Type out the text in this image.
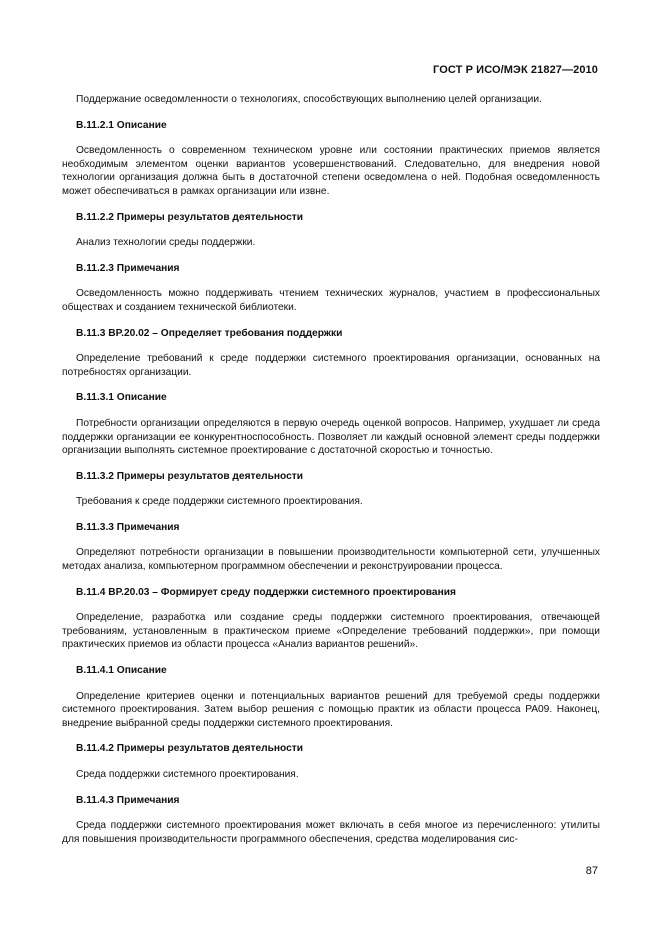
ГОСТ Р ИСО/МЭК 21827—2010

Поддержание осведомленности о технологиях, способствующих выполнению целей организации.

B.11.2.1 Описание

Осведомленность о современном техническом уровне или состоянии практических приемов является необходимым элементом оценки вариантов усовершенствований. Следовательно, для внедрения новой технологии организация должна быть в достаточной степени осведомлена о ней. Подобная осведомленность может обеспечиваться в рамках организации или извне.

B.11.2.2 Примеры результатов деятельности

Анализ технологии среды поддержки.

B.11.2.3 Примечания

Осведомленность можно поддерживать чтением технических журналов, участием в профессиональных обществах и созданием технической библиотеки.

B.11.3 BP.20.02 – Определяет требования поддержки

Определение требований к среде поддержки системного проектирования организации, основанных на потребностях организации.

B.11.3.1 Описание

Потребности организации определяются в первую очередь оценкой вопросов. Например, ухудшает ли среда поддержки организации ее конкурентноспособность. Позволяет ли каждый основной элемент среды поддержки организации выполнять системное проектирование с достаточной скоростью и точностью.

B.11.3.2 Примеры результатов деятельности

Требования к среде поддержки системного проектирования.

B.11.3.3 Примечания

Определяют потребности организации в повышении производительности компьютерной сети, улучшенных методах анализа, компьютерном программном обеспечении и реконструировании процесса.

B.11.4 BP.20.03 – Формирует среду поддержки системного проектирования

Определение, разработка или создание среды поддержки системного проектирования, отвечающей требованиям, установленным в практическом приеме «Определение требований поддержки», при помощи практических приемов из области процесса «Анализ вариантов решений».

B.11.4.1 Описание

Определение критериев оценки и потенциальных вариантов решений для требуемой среды поддержки системного проектирования. Затем выбор решения с помощью практик из области процесса PA09. Наконец, внедрение выбранной среды поддержки системного проектирования.

B.11.4.2 Примеры результатов деятельности

Среда поддержки системного проектирования.

B.11.4.3 Примечания

Среда поддержки системного проектирования может включать в себя многое из перечисленного: утилиты для повышения производительности программного обеспечения, средства моделирования сис-

87
